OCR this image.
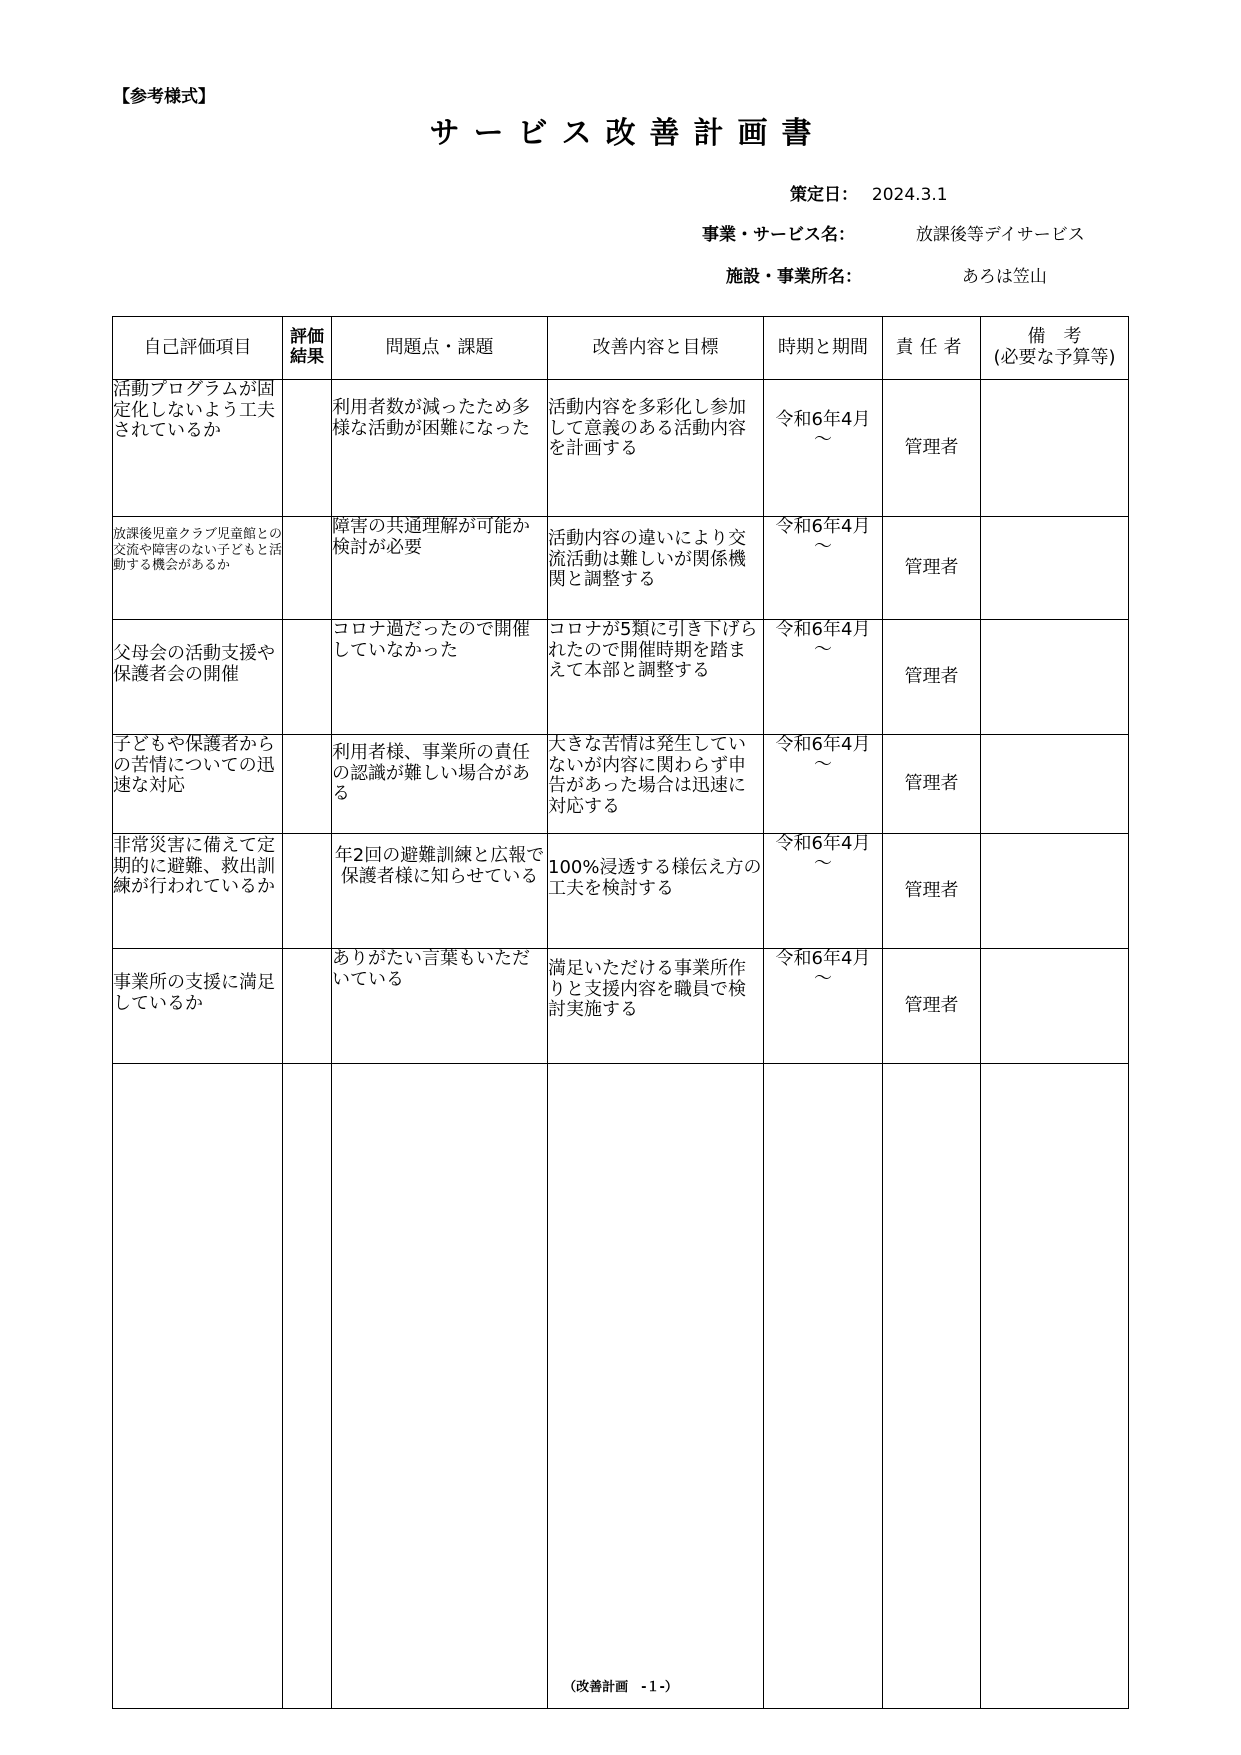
【参考様式】
サービス改善計画書
策定日： 2024.3.1
事業・サービス名：	放課後等デイサービス
施設・事業所名：	あろは笠山
自己評価項目	評価結果	問題点・課題	改善内容と目標	時期と期間	責任者	備　考
(必要な予算等)

活動プログラムが固定化しないよう工夫されているか		利用者数が減ったため多様な活動が困難になった	活動内容を多彩化し参加して意義のある活動内容を計画する	令和6年4月
～	管理者	
放課後児童クラブ児童館との交流や障害のない子どもと活動する機会があるか		障害の共通理解が可能か検討が必要	活動内容の違いにより交流活動は難しいが関係機関と調整する	令和6年4月
～	管理者	
父母会の活動支援や保護者会の開催		コロナ過だったので開催していなかった	コロナが5類に引き下げられたので開催時期を踏まえて本部と調整する	令和6年4月
～	管理者	
子どもや保護者からの苦情についての迅速な対応		利用者様、事業所の責任の認識が難しい場合がある	大きな苦情は発生していないが内容に関わらず申告があった場合は迅速に対応する	令和6年4月
～	管理者	
非常災害に備えて定期的に避難、救出訓練が行われているか		年2回の避難訓練と広報で保護者様に知らせている	100%浸透する様伝え方の工夫を検討する	令和6年4月
～	管理者	
事業所の支援に満足しているか		ありがたい言葉もいただいている	満足いただける事業所作りと支援内容を職員で検討実施する	令和6年4月
～	管理者	

（改善計画　-１-）
